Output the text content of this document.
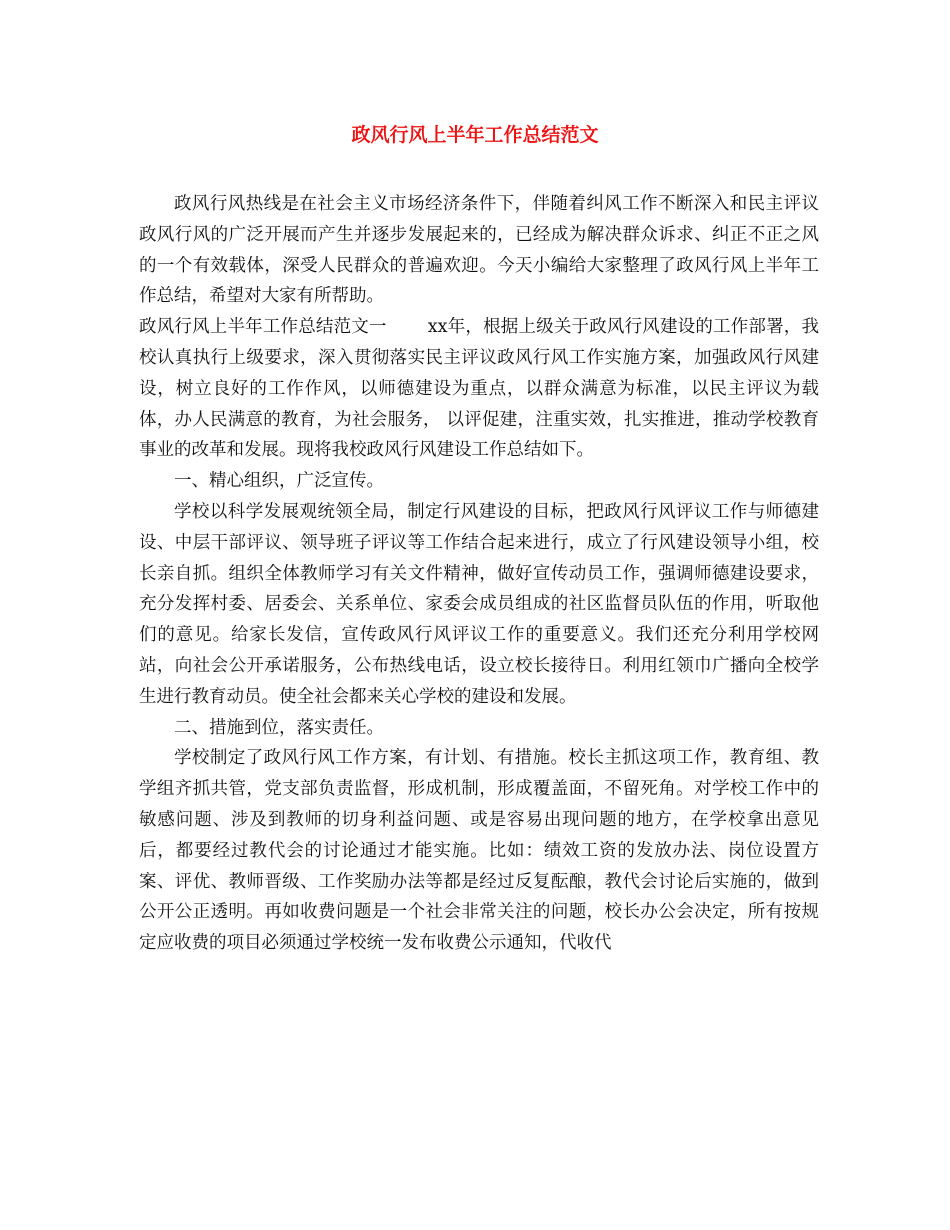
政风行风上半年工作总结范文

政风行风热线是在社会主义市场经济条件下，伴随着纠风工作不断深入和民主评议政风行风的广泛开展而产生并逐步发展起来的，已经成为解决群众诉求、纠正不正之风的一个有效载体，深受人民群众的普遍欢迎。今天小编给大家整理了政风行风上半年工作总结，希望对大家有所帮助。

政风行风上半年工作总结范文一　　 xx年，根据上级关于政风行风建设的工作部署，我校认真执行上级要求，深入贯彻落实民主评议政风行风工作实施方案，加强政风行风建设，树立良好的工作作风，以师德建设为重点，以群众满意为标准，以民主评议为载体，办人民满意的教育，为社会服务， 以评促建，注重实效，扎实推进，推动学校教育事业的改革和发展。现将我校政风行风建设工作总结如下。

一、精心组织，广泛宣传。

学校以科学发展观统领全局，制定行风建设的目标，把政风行风评议工作与师德建设、中层干部评议、领导班子评议等工作结合起来进行，成立了行风建设领导小组，校长亲自抓。组织全体教师学习有关文件精神，做好宣传动员工作，强调师德建设要求，充分发挥村委、居委会、关系单位、家委会成员组成的社区监督员队伍的作用，听取他们的意见。给家长发信，宣传政风行风评议工作的重要意义。我们还充分利用学校网站，向社会公开承诺服务，公布热线电话，设立校长接待日。利用红领巾广播向全校学生进行教育动员。使全社会都来关心学校的建设和发展。

二、措施到位，落实责任。

学校制定了政风行风工作方案，有计划、有措施。校长主抓这项工作，教育组、教学组齐抓共管，党支部负责监督，形成机制，形成覆盖面，不留死角。对学校工作中的敏感问题、涉及到教师的切身利益问题、或是容易出现问题的地方，在学校拿出意见后，都要经过教代会的讨论通过才能实施。比如：绩效工资的发放办法、岗位设置方案、评优、教师晋级、工作奖励办法等都是经过反复酝酿，教代会讨论后实施的，做到公开公正透明。再如收费问题是一个社会非常关注的问题，校长办公会决定，所有按规定应收费的项目必须通过学校统一发布收费公示通知，代收代
